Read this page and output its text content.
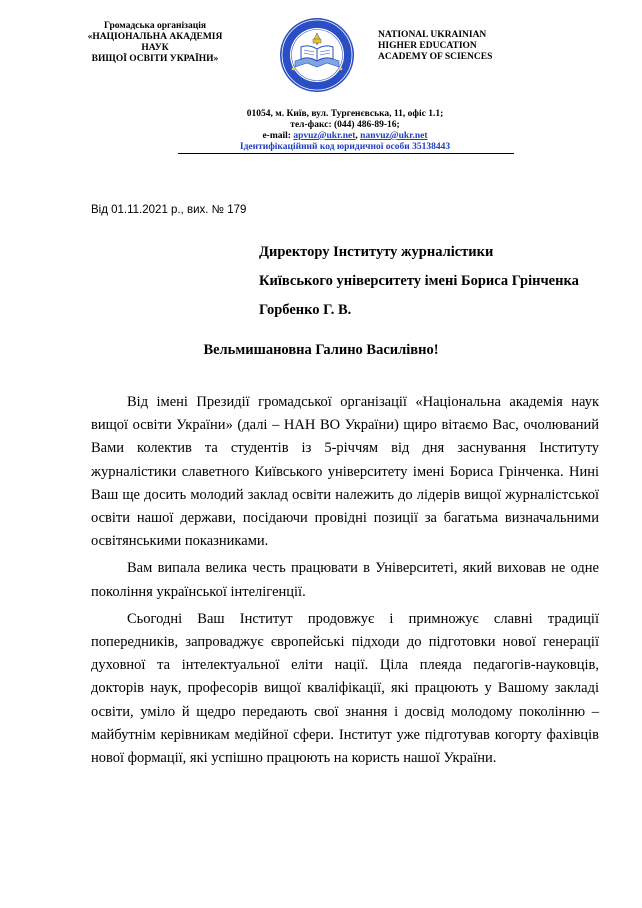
Громадська організація
«НАЦІОНАЛЬНА АКАДЕМІЯ НАУК
ВИЩОЇ ОСВІТИ УКРАЇНИ»
NATIONAL UKRAINIAN
HIGHER EDUCATION
ACADEMY OF SCIENCES
01054, м. Київ, вул. Тургенєвська, 11, офіс 1.1;
тел-факс: (044) 486-89-16;
e-mail: apvuz@ukr.net, nanvuz@ukr.net
Ідентифікаційний код юридичної особи 35138443
Від 01.11.2021 р., вих. № 179
Директору Інституту журналістики
Київського університету імені Бориса Грінченка
Горбенко Г. В.
Вельмишановна Галино Василівно!

Від імені Президії громадської організації «Національна академія наук вищої освіти України» (далі – НАН ВО України) щиро вітаємо Вас, очолюваний Вами колектив та студентів із 5-річчям від дня заснування Інституту журналістики славетного Київського університету імені Бориса Грінченка. Нині Ваш ще досить молодий заклад освіти належить до лідерів вищої журналістської освіти нашої держави, посідаючи провідні позиції за багатьма визначальними освітянськими показниками.

Вам випала велика честь працювати в Університеті, який виховав не одне покоління української інтелігенції.

Сьогодні Ваш Інститут продовжує і примножує славні традиції попередників, запроваджує європейські підходи до підготовки нової генерації духовної та інтелектуальної еліти нації. Ціла плеяда педагогів-науковців, докторів наук, професорів вищої кваліфікації, які працюють у Вашому закладі освіти, уміло й щедро передають свої знання і досвід молодому поколінню – майбутнім керівникам медійної сфери. Інститут уже підготував когорту фахівців нової формації, які успішно працюють на користь нашої України.
